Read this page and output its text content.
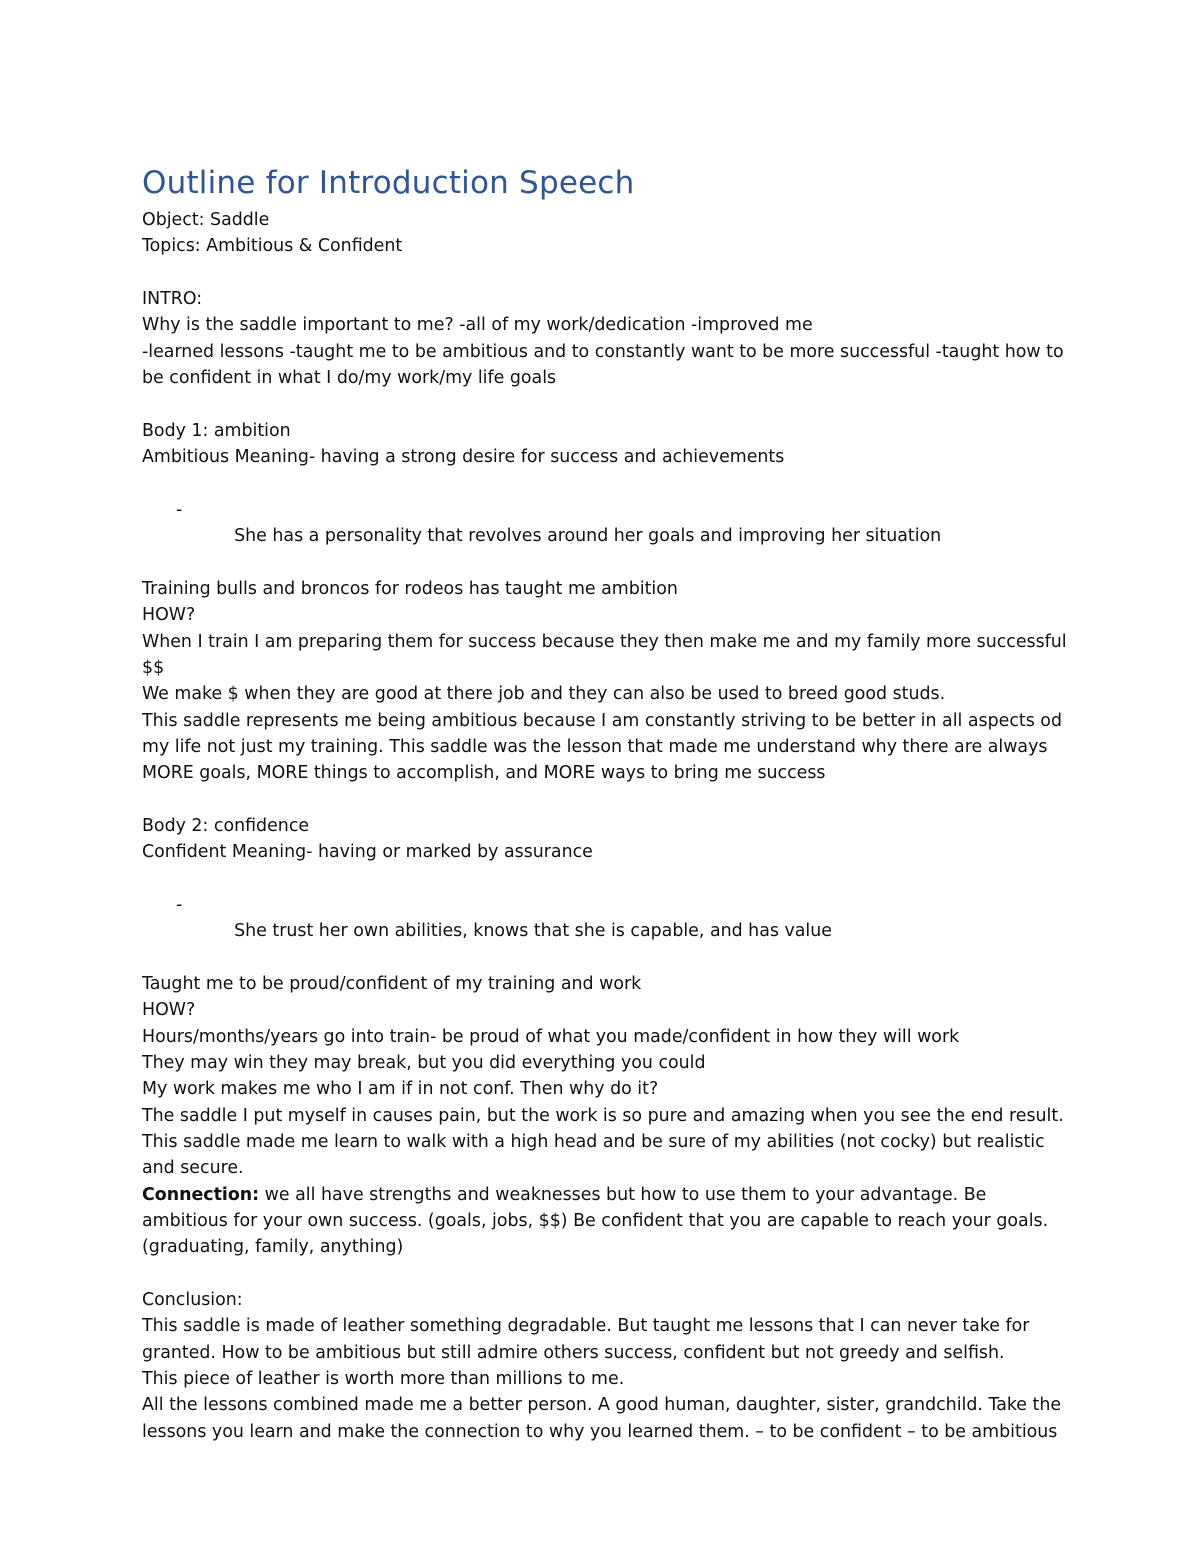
Outline for Introduction Speech
Object: Saddle
Topics: Ambitious & Confident
INTRO:
Why is the saddle important to me? -all of my work/dedication -improved me
-learned lessons -taught me to be ambitious and to constantly want to be more successful -taught how to be confident in what I do/my work/my life goals
Body 1: ambition
Ambitious Meaning- having a strong desire for success and achievements

-

She has a personality that revolves around her goals and improving her situation

Training bulls and broncos for rodeos has taught me ambition
HOW?
When I train I am preparing them for success because they then make me and my family more successful $$
We make $ when they are good at there job and they can also be used to breed good studs.
This saddle represents me being ambitious because I am constantly striving to be better in all aspects od my life not just my training. This saddle was the lesson that made me understand why there are always MORE goals, MORE things to accomplish, and MORE ways to bring me success
Body 2: confidence
Confident Meaning- having or marked by assurance

-

She trust her own abilities, knows that she is capable, and has value

Taught me to be proud/confident of my training and work
HOW?
Hours/months/years go into train- be proud of what you made/confident in how they will work
They may win they may break, but you did everything you could
My work makes me who I am if in not conf. Then why do it?
The saddle I put myself in causes pain, but the work is so pure and amazing when you see the end result.
This saddle made me learn to walk with a high head and be sure of my abilities (not cocky) but realistic and secure.
Connection: we all have strengths and weaknesses but how to use them to your advantage. Be ambitious for your own success. (goals, jobs, $$) Be confident that you are capable to reach your goals. (graduating, family, anything)
Conclusion:
This saddle is made of leather something degradable. But taught me lessons that I can never take for granted. How to be ambitious but still admire others success, confident but not greedy and selfish.
This piece of leather is worth more than millions to me.
All the lessons combined made me a better person. A good human, daughter, sister, grandchild. Take the lessons you learn and make the connection to why you learned them. – to be confident – to be ambitious
